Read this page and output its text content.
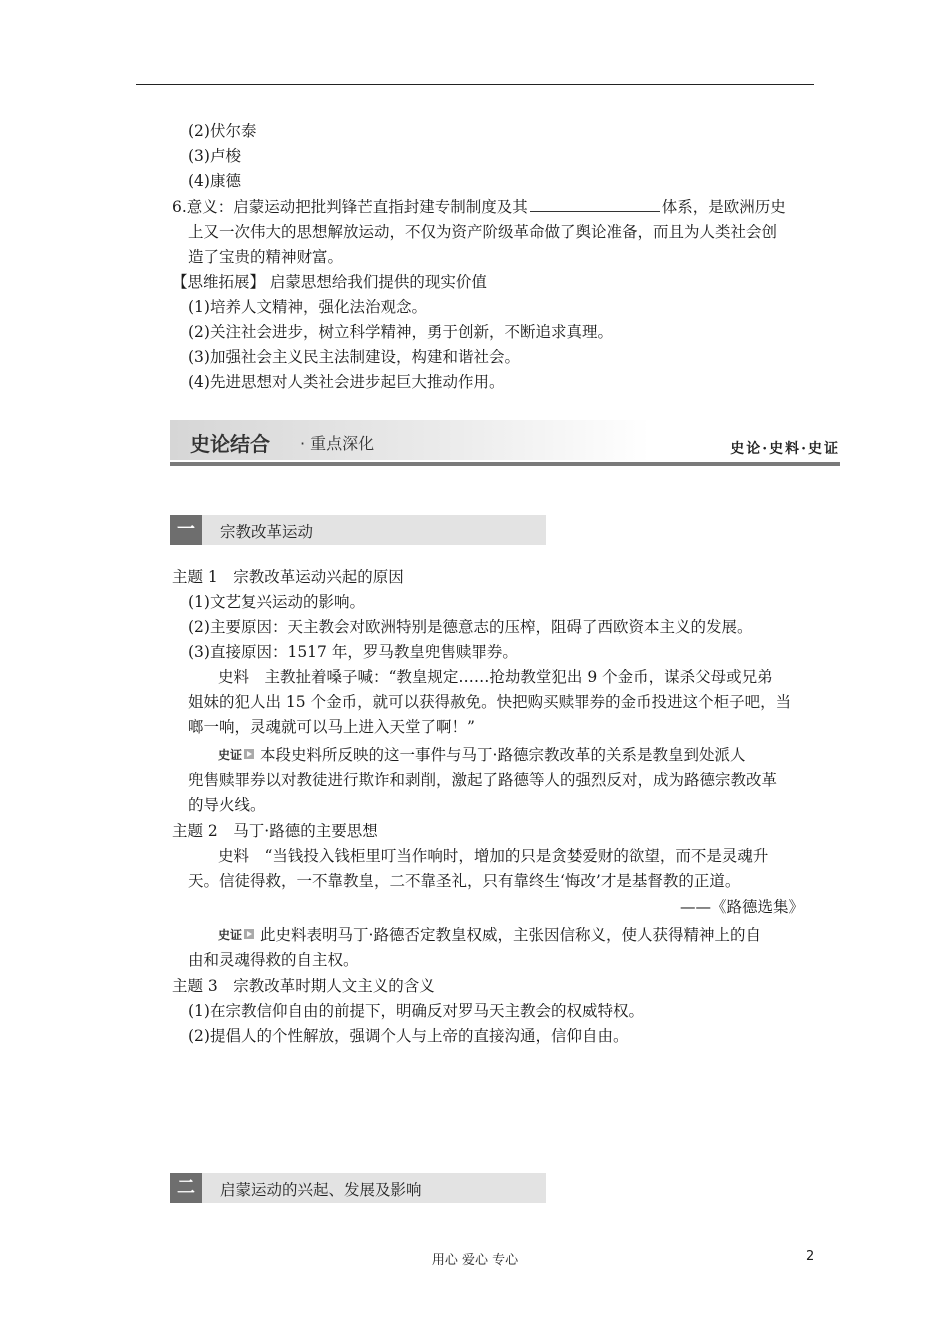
(2)伏尔泰
(3)卢梭
(4)康德
6.意义：启蒙运动把批判锋芒直指封建专制制度及其	体系，是欧洲历史
上又一次伟大的思想解放运动，不仅为资产阶级革命做了舆论准备，而且为人类社会创
造了宝贵的精神财富。
【思维拓展】 启蒙思想给我们提供的现实价值
(1)培养人文精神，强化法治观念。
(2)关注社会进步，树立科学精神，勇于创新，不断追求真理。
(3)加强社会主义民主法制建设，构建和谐社会。
(4)先进思想对人类社会进步起巨大推动作用。
史论结合 · 重点深化	史论·史料·史证
一	宗教改革运动
主题 1　宗教改革运动兴起的原因
(1)文艺复兴运动的影响。
(2)主要原因：天主教会对欧洲特别是德意志的压榨，阻碍了西欧资本主义的发展。
(3)直接原因：1517 年，罗马教皇兜售赎罪券。
史料　主教扯着嗓子喊：“教皇规定……抢劫教堂犯出 9 个金币，谋杀父母或兄弟
姐妹的犯人出 15 个金币，就可以获得赦免。快把购买赎罪券的金币投进这个柜子吧，当
啷一响，灵魂就可以马上进入天堂了啊！”
史证 本段史料所反映的这一事件与马丁·路德宗教改革的关系是教皇到处派人
兜售赎罪券以对教徒进行欺诈和剥削，激起了路德等人的强烈反对，成为路德宗教改革
的导火线。
主题 2　马丁·路德的主要思想
史料　“当钱投入钱柜里叮当作响时，增加的只是贪婪爱财的欲望，而不是灵魂升
天。信徒得救，一不靠教皇，二不靠圣礼，只有靠终生‘悔改’才是基督教的正道。
——《路德选集》
史证 此史料表明马丁·路德否定教皇权威，主张因信称义，使人获得精神上的自
由和灵魂得救的自主权。
主题 3　宗教改革时期人文主义的含义
(1)在宗教信仰自由的前提下，明确反对罗马天主教会的权威特权。
(2)提倡人的个性解放，强调个人与上帝的直接沟通，信仰自由。
二	启蒙运动的兴起、发展及影响
用心 爱心 专心	2
